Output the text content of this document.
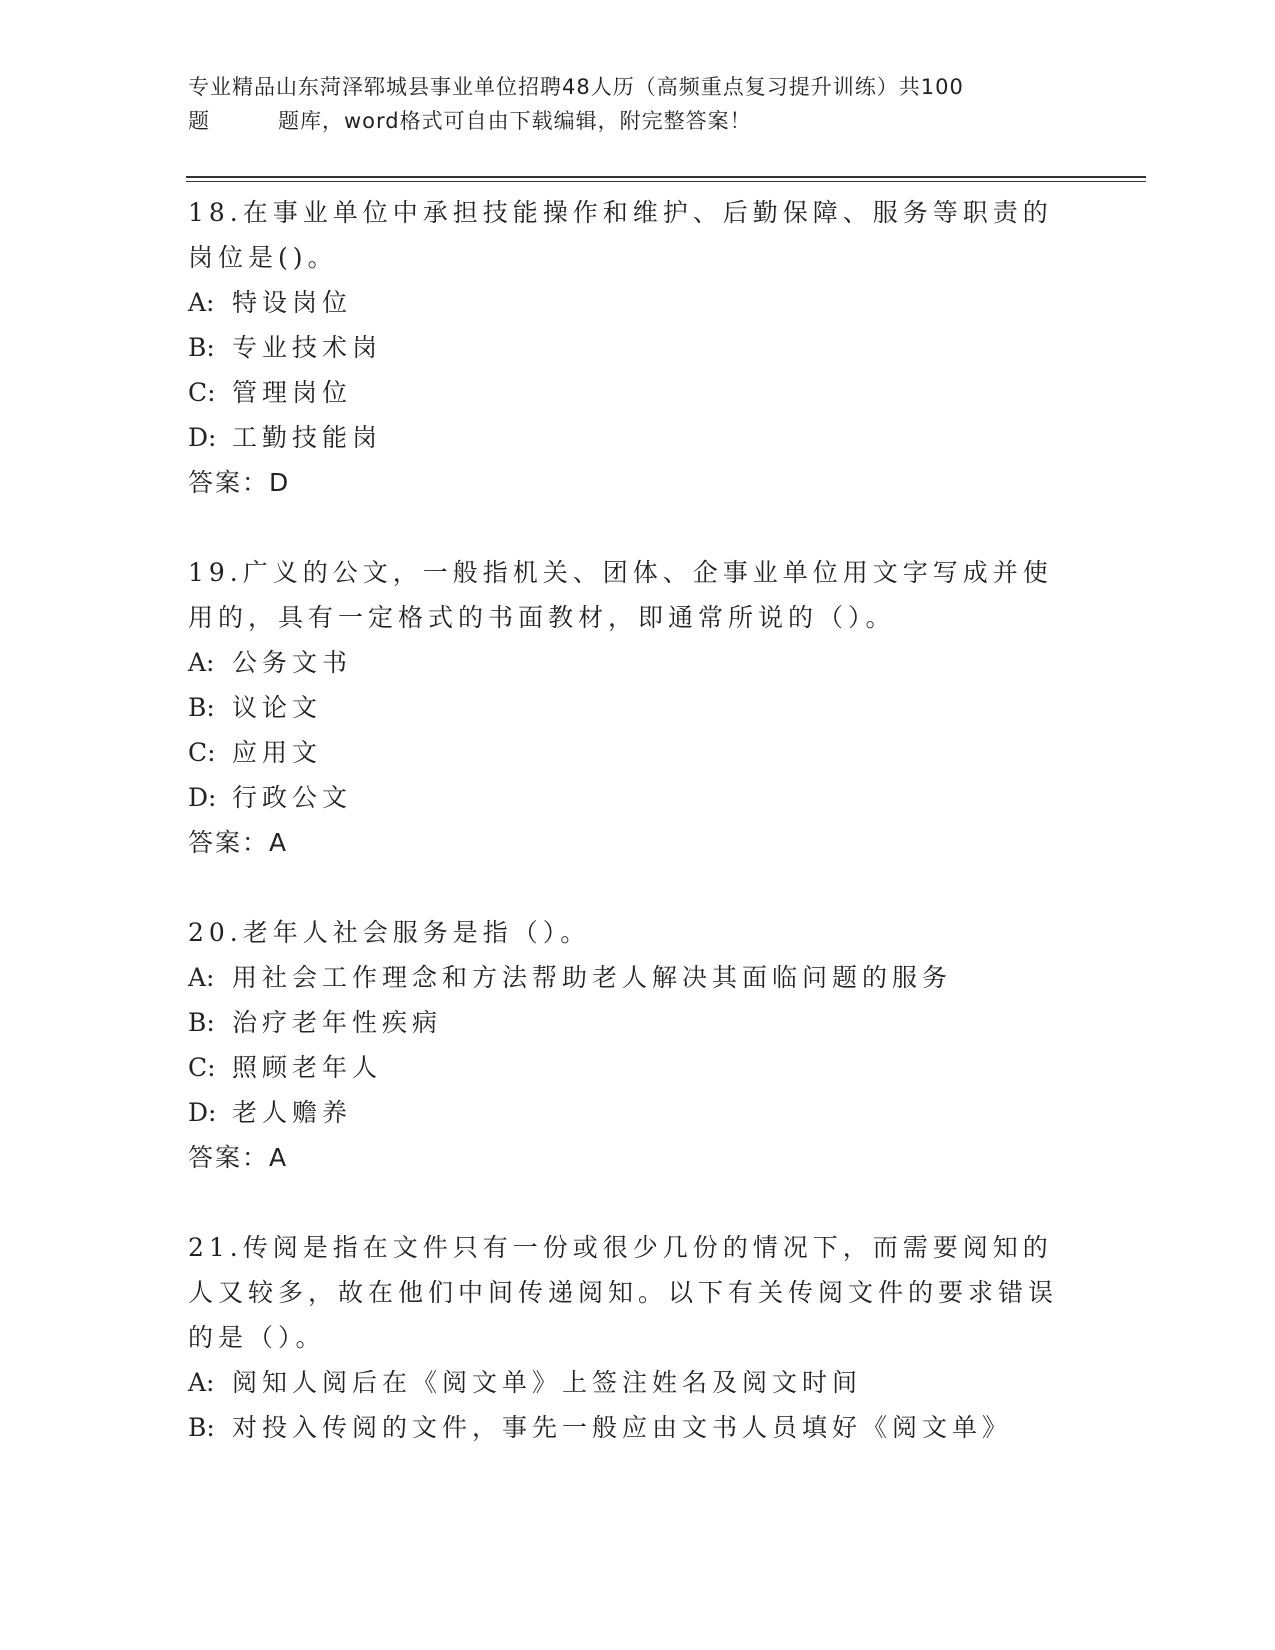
专业精品山东菏泽郓城县事业单位招聘48人历（高频重点复习提升训练）共100
题	题库，word格式可自由下载编辑，附完整答案！
18.在事业单位中承担技能操作和维护、后勤保障、服务等职责的岗位是()。
A: 特设岗位
B: 专业技术岗
C: 管理岗位
D: 工勤技能岗
答案：D
19.广义的公文，一般指机关、团体、企事业单位用文字写成并使用的，具有一定格式的书面教材，即通常所说的（）。
A: 公务文书
B: 议论文
C: 应用文
D: 行政公文
答案：A
20.老年人社会服务是指（）。
A: 用社会工作理念和方法帮助老人解决其面临问题的服务
B: 治疗老年性疾病
C: 照顾老年人
D: 老人赡养
答案：A
21.传阅是指在文件只有一份或很少几份的情况下，而需要阅知的人又较多，故在他们中间传递阅知。以下有关传阅文件的要求错误的是（）。
A: 阅知人阅后在《阅文单》上签注姓名及阅文时间
B: 对投入传阅的文件，事先一般应由文书人员填好《阅文单》
